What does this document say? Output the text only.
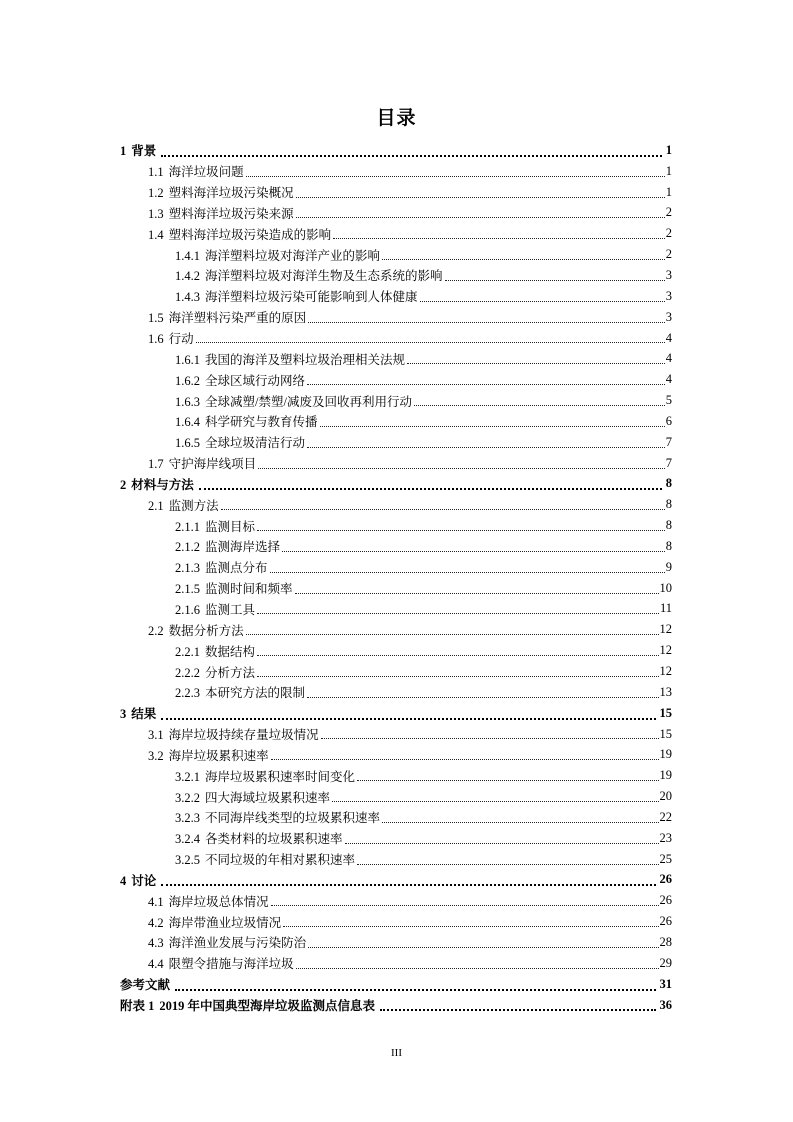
目录
1 背景	1
1.1 海洋垃圾问题	1
1.2 塑料海洋垃圾污染概况	1
1.3 塑料海洋垃圾污染来源	2
1.4 塑料海洋垃圾污染造成的影响	2
1.4.1 海洋塑料垃圾对海洋产业的影响	2
1.4.2 海洋塑料垃圾对海洋生物及生态系统的影响	3
1.4.3 海洋塑料垃圾污染可能影响到人体健康	3
1.5 海洋塑料污染严重的原因	3
1.6 行动	4
1.6.1 我国的海洋及塑料垃圾治理相关法规	4
1.6.2 全球区域行动网络	4
1.6.3 全球减塑/禁塑/减废及回收再利用行动	5
1.6.4 科学研究与教育传播	6
1.6.5 全球垃圾清洁行动	7
1.7 守护海岸线项目	7
2 材料与方法	8
2.1 监测方法	8
2.1.1 监测目标	8
2.1.2 监测海岸选择	8
2.1.3 监测点分布	9
2.1.5 监测时间和频率	10
2.1.6 监测工具	11
2.2 数据分析方法	12
2.2.1 数据结构	12
2.2.2 分析方法	12
2.2.3 本研究方法的限制	13
3 结果	15
3.1 海岸垃圾持续存量垃圾情况	15
3.2 海岸垃圾累积速率	19
3.2.1 海岸垃圾累积速率时间变化	19
3.2.2 四大海域垃圾累积速率	20
3.2.3 不同海岸线类型的垃圾累积速率	22
3.2.4 各类材料的垃圾累积速率	23
3.2.5 不同垃圾的年相对累积速率	25
4 讨论	26
4.1 海岸垃圾总体情况	26
4.2 海岸带渔业垃圾情况	26
4.3 海洋渔业发展与污染防治	28
4.4 限塑令措施与海洋垃圾	29
参考文献	31
附表 1 2019 年中国典型海岸垃圾监测点信息表	36
III
